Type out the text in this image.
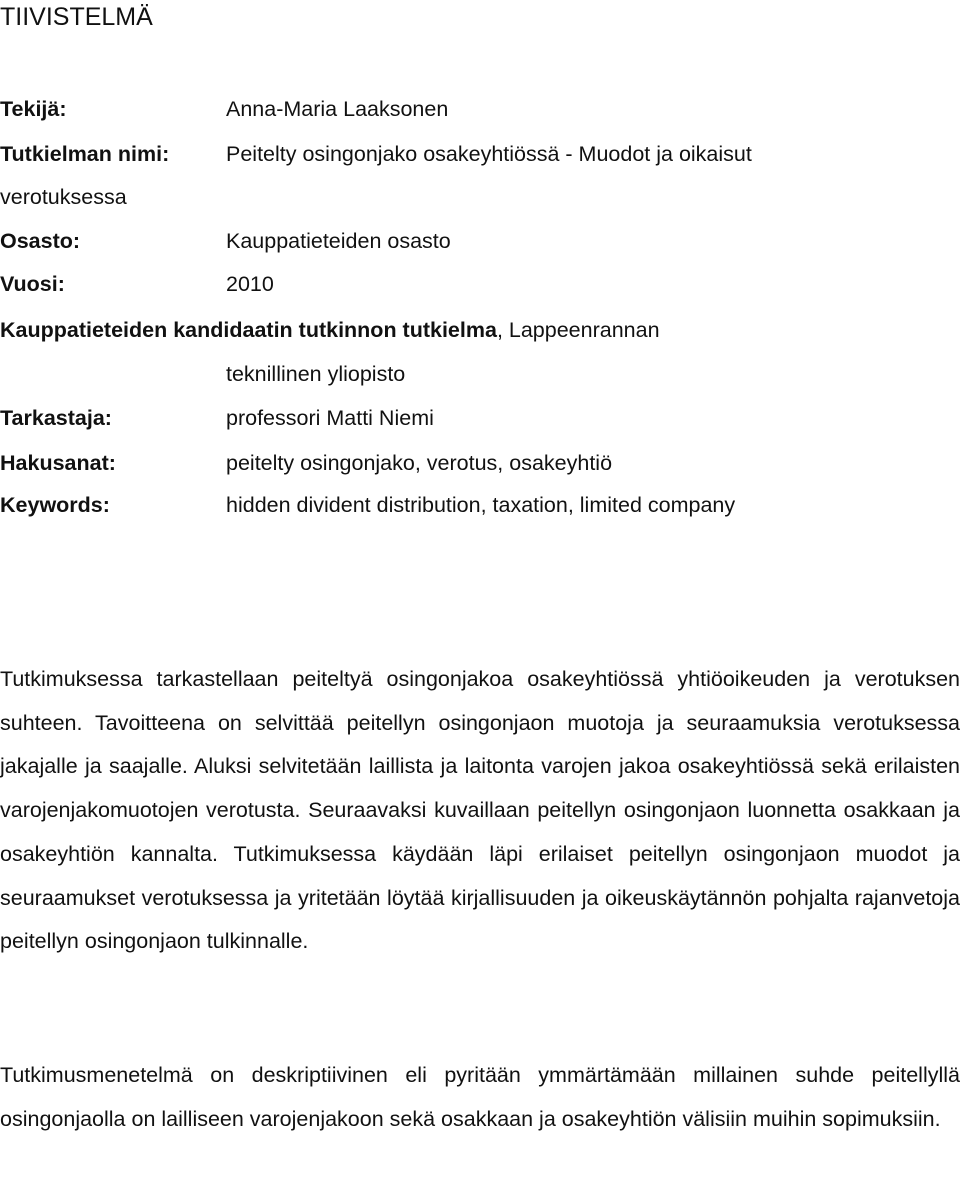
TIIVISTELMÄ
Tekijä:	Anna-Maria Laaksonen
Tutkielman nimi:	Peitelty osingonjako osakeyhtiössä - Muodot ja oikaisut
verotuksessa
Osasto:	Kauppatieteiden osasto
Vuosi:	2010
Kauppatieteiden kandidaatin tutkinnon tutkielma, Lappeenrannan
teknillinen yliopisto
Tarkastaja:	professori Matti Niemi
Hakusanat:	peitelty osingonjako, verotus, osakeyhtiö
Keywords:	hidden divident distribution, taxation, limited company

Tutkimuksessa tarkastellaan peiteltyä osingonjakoa osakeyhtiössä yhtiöoikeuden ja verotuksen suhteen. Tavoitteena on selvittää peitellyn osingonjaon muotoja ja seuraamuksia verotuksessa jakajalle ja saajalle. Aluksi selvitetään laillista ja laitonta varojen jakoa osakeyhtiössä sekä erilaisten varojenjakomuotojen verotusta. Seuraavaksi kuvaillaan peitellyn osingonjaon luonnetta osakkaan ja osakeyhtiön kannalta. Tutkimuksessa käydään läpi erilaiset peitellyn osingonjaon muodot ja seuraamukset verotuksessa ja yritetään löytää kirjallisuuden ja oikeuskäytännön pohjalta rajanvetoja peitellyn osingonjaon tulkinnalle.

Tutkimusmenetelmä on deskriptiivinen eli pyritään ymmärtämään millainen suhde peitellyllä osingonjaolla on lailliseen varojenjakoon sekä osakkaan ja osakeyhtiön välisiin muihin sopimuksiin.
